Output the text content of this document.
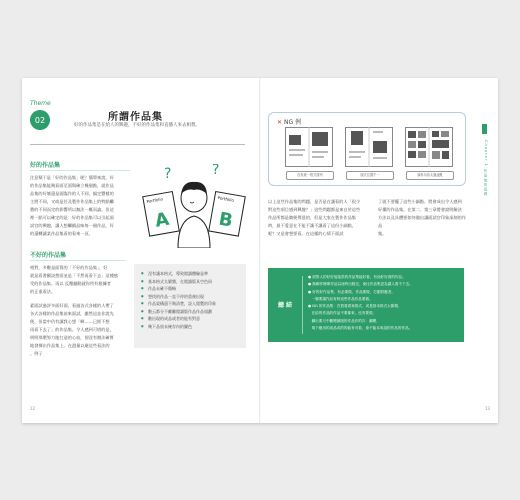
Theme
02	所謂作品集
好的作品集是在給人的興趣，不好的作品集和直播人來去相想。
好的作品集
注意積于是「好的作品集」呢？簡單來說，好
的作品集能夠看面至面與確立幾個點，就作品
品集的好壞還是面臨作的人不同，搞定豐樣的
主將不同，又或是任及製作作品集上的特點繼
費的不同而定的影響所以無法一概而論，但這
裡一點可以確定的是：好的作品集可以引起面
試官的興趣，讓人想繼續品味每一個作品，好
的還轉讓某作品集看的看來一頁。
?	?
Portfolio
A
Portfolio
B
不好的作品集
相對，多數是面質的「不好的作品集」，好
就是看書顯設想面並是「不然再看下去」這種感
受的作品集。再以 反覆翻動就你所有根據者
的正重看法。
素面試過評多面好面，看過各式各樣的人帶了
各式各樣的作品集前來面試，雖然這並非說先
便，但當中仍有讓我心想「啊……已經不想
再看下去了」的作品集。令人感到可惜的是，
明明那麼努力地打造的心血，卻沒有辦法確實
地發揮出作品集上。在盡量以避這些看法的
。例子
● 沒有讓本格式，導致閱讀體驗是準
● 基本格式太繁雜，在閱讀版具空色同
● 作品未確不簡略
● 想找的作品一直不停的重複出現
● 作品架構還不夠清楚，設入閱覽的印象
● 數云都分不離難閱讀版作品作品規劃
● 數出現的成品或者的能有對意
● 幾下品放未統存內的圖色
12
✕ NG 例
沒有統一格式排列	版式位置不一	資料內容太過凌亂
Chapter 1 作品集的基礎
以上這些作品集的問題，是否是在讓看的人「很少
對這些項目感到興趣？」這些問題都是來自於這些
作品所都是隨便傳達的，但是大家在製作作品集
時，最不愛意在不能不讓不讓看了這份小細點，
呢？又是會想要看。在這樣的心情下面試
了就不要擺了這些小細點。將會成出令人感到
好懂的作品集。在第二、第三章將會說明解決
方法以及具體要如何做出讓面試官印象深刻的作品
集。
總結
● 面對人的好好接接設的作品集能好看。有而好好看的作品。
● 無聊作簡單作品以這時出版完，會比作品集更為讓人看不下去。
● 好的好作品集，有必要做，作品要做，打動對應者。
　一層要讓作品有時這些作品作品要做。
● NG 的作品集：在寫看看來格式，或是基本格式太繁雜，
　在給的作品的作品不要都來，沒有要做，
　翻出要尺中難閱讀版的作品作的次：翻閱，
　幾下應用的成品或的的能有可看，會不能本來說的作品的作品。
13
